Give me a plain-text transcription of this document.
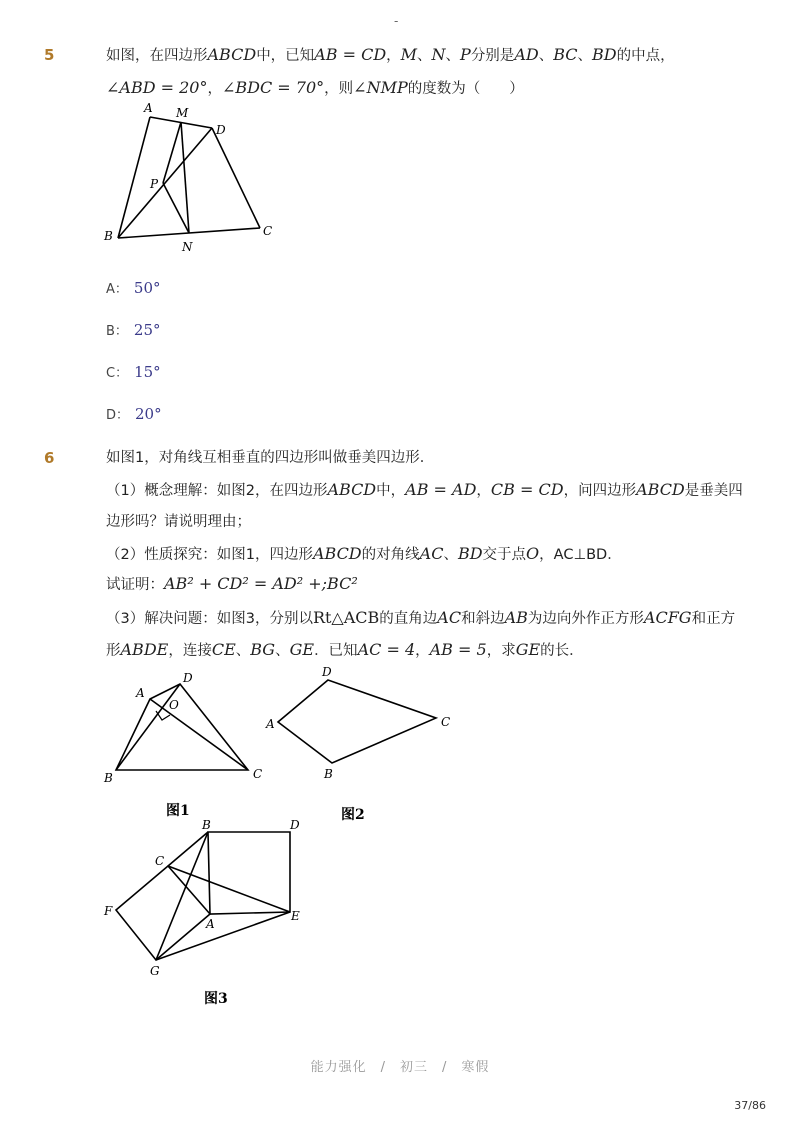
-
5	如图，在四边形ABCD中，已知AB = CD，M、N、P分别是AD、BC、BD的中点，
∠ABD = 20°，∠BDC = 70°，则∠NMP的度数为（　　）
A M
D
P
B
N
C
A： 50°
B： 25°
C： 15°
D： 20°
6	如图1，对角线互相垂直的四边形叫做垂美四边形．
（1）概念理解：如图2，在四边形ABCD中，AB = AD，CB = CD，问四边形ABCD是垂美四
边形吗？请说明理由；
（2）性质探究：如图1，四边形ABCD的对角线AC、BD交于点O，AC⊥BD．
试证明：AB² + CD² = AD² +;BC²
（3）解决问题：如图3，分别以Rt△ACB的直角边AC和斜边AB为边向外作正方形ACFG和正方
形ABDE，连接CE、BG、GE．已知AC = 4，AB = 5，求GE的长．
A
D
O
B	C
图1
D
A	C
B
图2
B	D
C
F
A
E
G
图3
能力强化　/　初三　/　寒假
37/86
